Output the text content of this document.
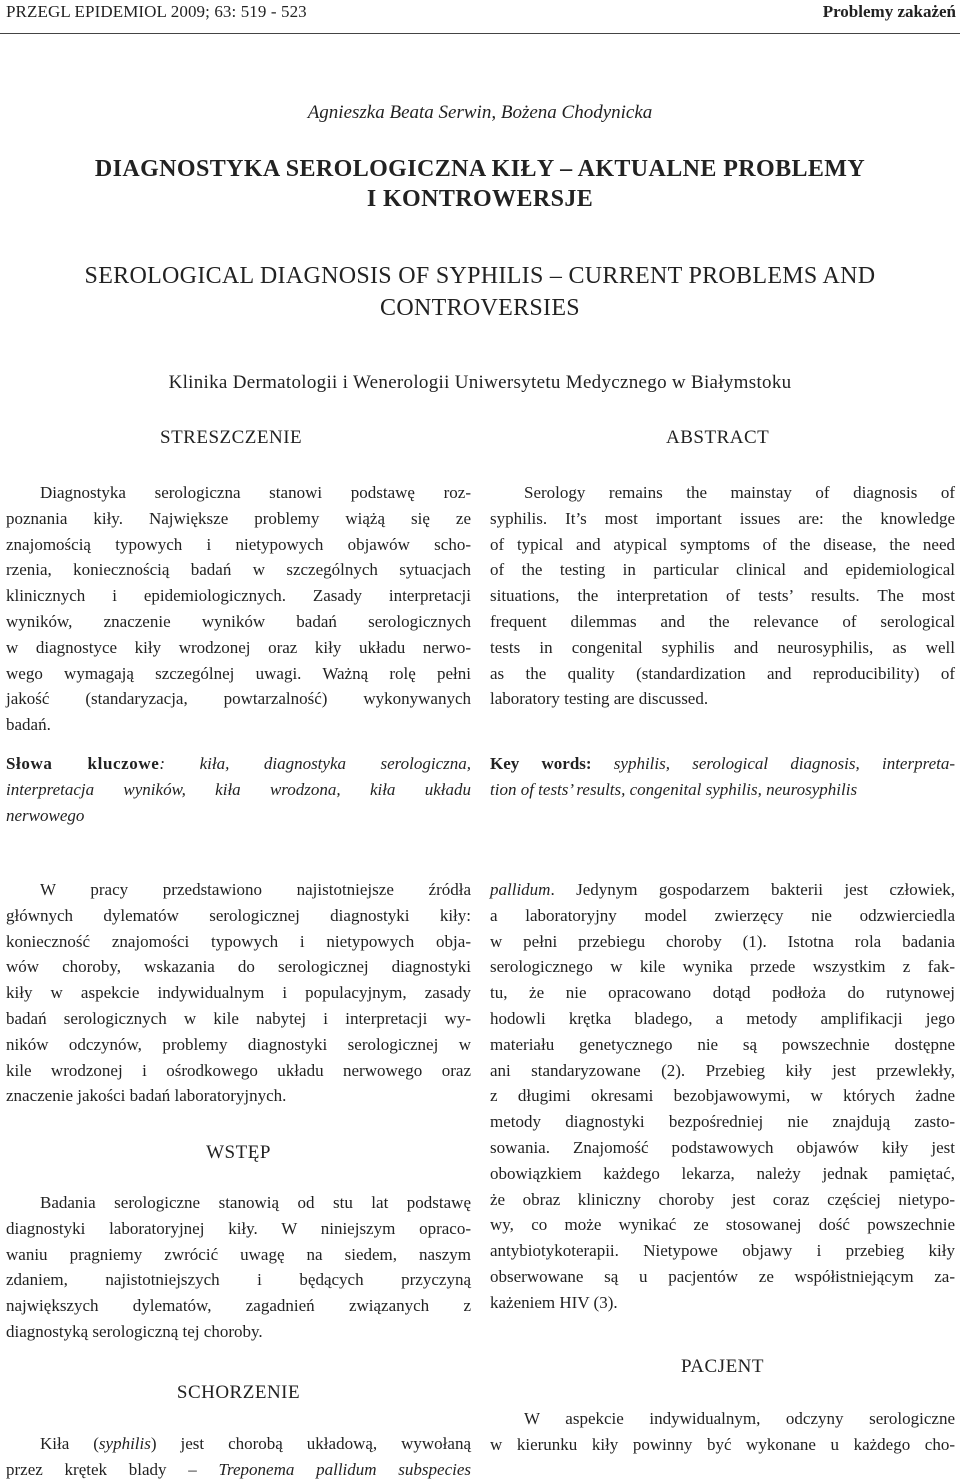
PRZEGL EPIDEMIOL 2009; 63: 519 - 523	Problemy zakażeń
Agnieszka Beata Serwin, Bożena Chodynicka
DIAGNOSTYKA SEROLOGICZNA KIŁY – AKTUALNE PROBLEMY
I KONTROWERSJE
SEROLOGICAL DIAGNOSIS OF SYPHILIS – CURRENT PROBLEMS AND
CONTROVERSIES
Klinika Dermatologii i Wenerologii Uniwersytetu Medycznego w Białymstoku
STRESZCZENIE
Diagnostyka serologiczna stanowi podstawę roz-
poznania kiły. Największe problemy wiążą się ze
znajomością typowych i nietypowych objawów scho-
rzenia, koniecznością badań w szczególnych sytuacjach
klinicznych i epidemiologicznych. Zasady interpretacji
wyników, znaczenie wyników badań serologicznych
w diagnostyce kiły wrodzonej oraz kiły układu nerwo-
wego wymagają szczególnej uwagi. Ważną rolę pełni
jakość (standaryzacja, powtarzalność) wykonywanych
badań.
Słowa kluczowe: kiła, diagnostyka serologiczna,
interpretacja wyników, kiła wrodzona, kiła układu
nerwowego
ABSTRACT
Serology remains the mainstay of diagnosis of
syphilis. It’s most important issues are: the knowledge
of typical and atypical symptoms of the disease, the need
of the testing in particular clinical and epidemiological
situations, the interpretation of tests’ results. The most
frequent dilemmas and the relevance of serological
tests in congenital syphilis and neurosyphilis, as well
as the quality (standardization and reproducibility) of
laboratory testing are discussed.
Key words: syphilis, serological diagnosis, interpreta-
tion of tests’ results, congenital syphilis, neurosyphilis
W pracy przedstawiono najistotniejsze źródła
głównych dylematów serologicznej diagnostyki kiły:
konieczność znajomości typowych i nietypowych obja-
wów choroby, wskazania do serologicznej diagnostyki
kiły w aspekcie indywidualnym i populacyjnym, zasady
badań serologicznych w kile nabytej i interpretacji wy-
ników odczynów, problemy diagnostyki serologicznej w
kile wrodzonej i ośrodkowego układu nerwowego oraz
znaczenie jakości badań laboratoryjnych.
WSTĘP
Badania serologiczne stanowią od stu lat podstawę
diagnostyki laboratoryjnej kiły. W niniejszym opraco-
waniu pragniemy zwrócić uwagę na siedem, naszym
zdaniem, najistotniejszych i będących przyczyną
największych dylematów, zagadnień związanych z
diagnostyką serologiczną tej choroby.
SCHORZENIE
Kiła (syphilis) jest chorobą układową, wywołaną
przez krętek blady – Treponema pallidum subspecies
pallidum. Jedynym gospodarzem bakterii jest człowiek,
a laboratoryjny model zwierzęcy nie odzwierciedla
w pełni przebiegu choroby (1). Istotna rola badania
serologicznego w kile wynika przede wszystkim z fak-
tu, że nie opracowano dotąd podłoża do rutynowej
hodowli krętka bladego, a metody amplifikacji jego
materiału genetycznego nie są powszechnie dostępne
ani standaryzowane (2). Przebieg kiły jest przewlekły,
z długimi okresami bezobjawowymi, w których żadne
metody diagnostyki bezpośredniej nie znajdują zasto-
sowania. Znajomość podstawowych objawów kiły jest
obowiązkiem każdego lekarza, należy jednak pamiętać,
że obraz kliniczny choroby jest coraz częściej nietypo-
wy, co może wynikać ze stosowanej dość powszechnie
antybiotykoterapii. Nietypowe objawy i przebieg kiły
obserwowane są u pacjentów ze współistniejącym za-
każeniem HIV (3).
PACJENT
W aspekcie indywidualnym, odczyny serologiczne
w kierunku kiły powinny być wykonane u każdego cho-
